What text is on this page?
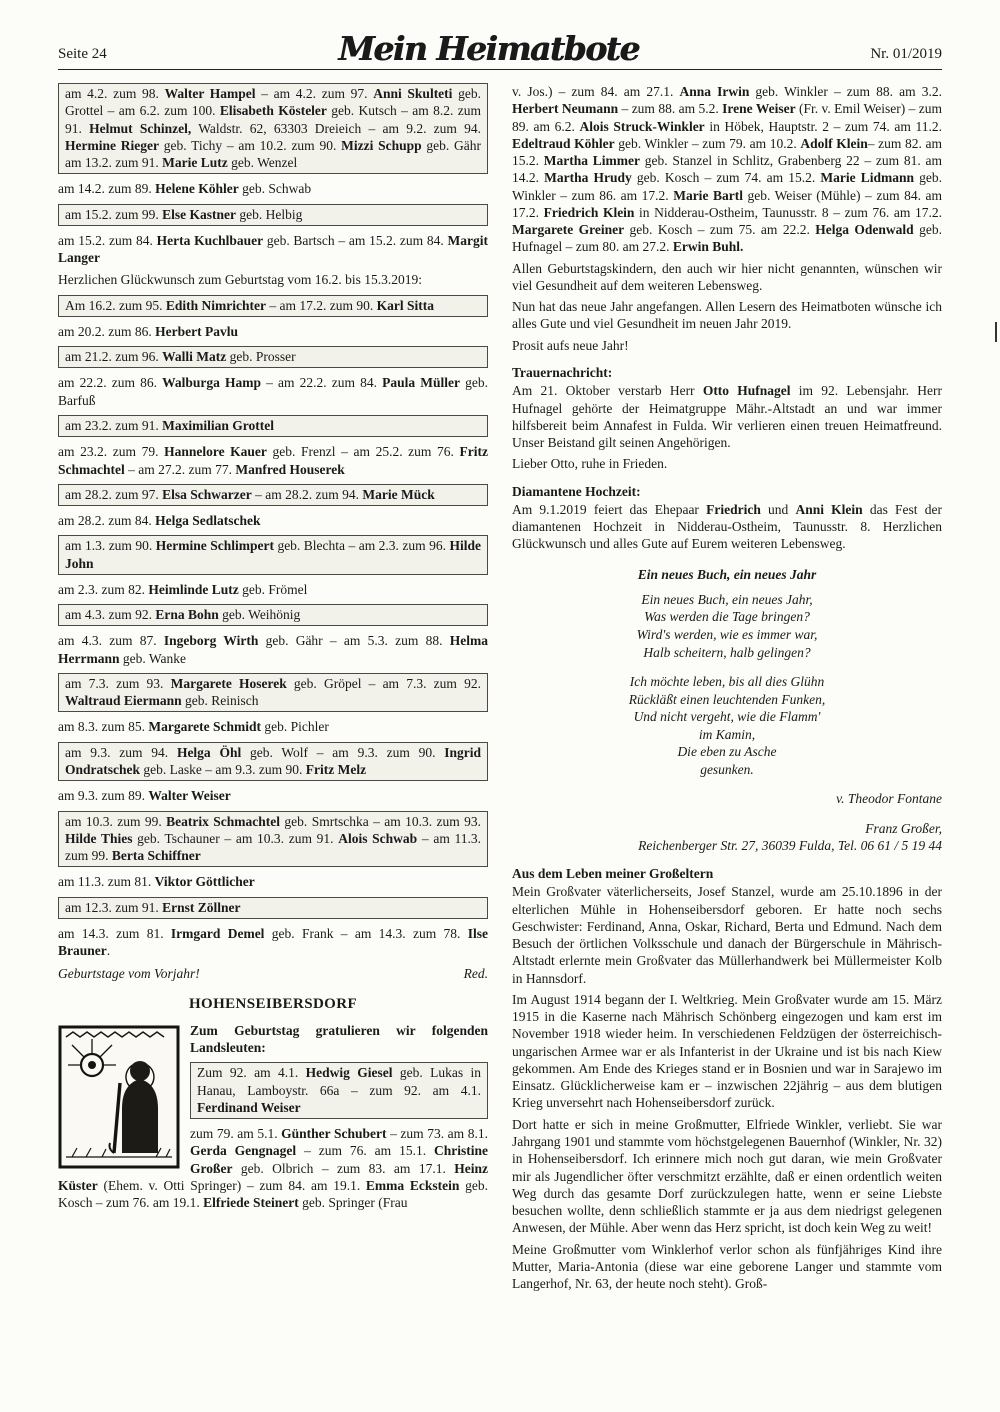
Seite 24	Mein Heimatbote	Nr. 01/2019
am 4.2. zum 98. Walter Hampel – am 4.2. zum 97. Anni Skulteti geb. Grottel – am 6.2. zum 100. Elisabeth Kösteler geb. Kutsch – am 8.2. zum 91. Helmut Schinzel, Waldstr. 62, 63303 Dreieich – am 9.2. zum 94. Hermine Rieger geb. Tichy – am 10.2. zum 90. Mizzi Schupp geb. Gähr am 13.2. zum 91. Marie Lutz geb. Wenzel
am 14.2. zum 89. Helene Köhler geb. Schwab
am 15.2. zum 99. Else Kastner geb. Helbig
am 15.2. zum 84. Herta Kuchlbauer geb. Bartsch – am 15.2. zum 84. Margit Langer
Herzlichen Glückwunsch zum Geburtstag vom 16.2. bis 15.3.2019:
Am 16.2. zum 95. Edith Nimrichter – am 17.2. zum 90. Karl Sitta
am 20.2. zum 86. Herbert Pavlu
am 21.2. zum 96. Walli Matz geb. Prosser
am 22.2. zum 86. Walburga Hamp – am 22.2. zum 84. Paula Müller geb. Barfuß
am 23.2. zum 91. Maximilian Grottel
am 23.2. zum 79. Hannelore Kauer geb. Frenzl – am 25.2. zum 76. Fritz Schmachtel – am 27.2. zum 77. Manfred Houserek
am 28.2. zum 97. Elsa Schwarzer – am 28.2. zum 94. Marie Mück
am 28.2. zum 84. Helga Sedlatschek
am 1.3. zum 90. Hermine Schlimpert geb. Blechta – am 2.3. zum 96. Hilde John
am 2.3. zum 82. Heimlinde Lutz geb. Frömel
am 4.3. zum 92. Erna Bohn geb. Weihönig
am 4.3. zum 87. Ingeborg Wirth geb. Gähr – am 5.3. zum 88. Helma Herrmann geb. Wanke
am 7.3. zum 93. Margarete Hoserek geb. Gröpel – am 7.3. zum 92. Waltraud Eiermann geb. Reinisch
am 8.3. zum 85. Margarete Schmidt geb. Pichler
am 9.3. zum 94. Helga Öhl geb. Wolf – am 9.3. zum 90. Ingrid Ondratschek geb. Laske – am 9.3. zum 90. Fritz Melz
am 9.3. zum 89. Walter Weiser
am 10.3. zum 99. Beatrix Schmachtel geb. Smrtschka – am 10.3. zum 93. Hilde Thies geb. Tschauner – am 10.3. zum 91. Alois Schwab – am 11.3. zum 99. Berta Schiffner
am 11.3. zum 81. Viktor Göttlicher
am 12.3. zum 91. Ernst Zöllner
am 14.3. zum 81. Irmgard Demel geb. Frank – am 14.3. zum 78. Ilse Brauner.
Geburtstage vom Vorjahr!	Red.
HOHENSEIBERSDORF
Zum Geburtstag gratulieren wir folgenden Landsleuten:
Zum 92. am 4.1. Hedwig Giesel geb. Lukas in Hanau, Lamboystr. 66a – zum 92. am 4.1. Ferdinand Weiser
zum 79. am 5.1. Günther Schubert – zum 73. am 8.1. Gerda Gengnagel – zum 76. am 15.1. Christine Großer geb. Olbrich – zum 83. am 17.1. Heinz Küster (Ehem. v. Otti Springer) – zum 84. am 19.1. Emma Eckstein geb. Kosch – zum 76. am 19.1. Elfriede Steinert geb. Springer (Frau
v. Jos.) – zum 84. am 27.1. Anna Irwin geb. Winkler – zum 88. am 3.2. Herbert Neumann – zum 88. am 5.2. Irene Weiser (Fr. v. Emil Weiser) – zum 89. am 6.2. Alois Struck-Winkler in Höbek, Hauptstr. 2 – zum 74. am 11.2. Edeltraud Köhler geb. Winkler – zum 79. am 10.2. Adolf Klein– zum 82. am 15.2. Martha Limmer geb. Stanzel in Schlitz, Grabenberg 22 – zum 81. am 14.2. Martha Hrudy geb. Kosch – zum 74. am 15.2. Marie Lidmann geb. Winkler – zum 86. am 17.2. Marie Bartl geb. Weiser (Mühle) – zum 84. am 17.2. Friedrich Klein in Nidderau-Ostheim, Taunusstr. 8 – zum 76. am 17.2. Margarete Greiner geb. Kosch – zum 75. am 22.2. Helga Odenwald geb. Hufnagel – zum 80. am 27.2. Erwin Buhl.
Allen Geburtstagskindern, den auch wir hier nicht genannten, wünschen wir viel Gesundheit auf dem weiteren Lebensweg.
Nun hat das neue Jahr angefangen. Allen Lesern des Heimatboten wünsche ich alles Gute und viel Gesundheit im neuen Jahr 2019.
Prosit aufs neue Jahr!
Trauernachricht:
Am 21. Oktober verstarb Herr Otto Hufnagel im 92. Lebensjahr. Herr Hufnagel gehörte der Heimatgruppe Mähr.-Altstadt an und war immer hilfsbereit beim Annafest in Fulda. Wir verlieren einen treuen Heimatfreund. Unser Beistand gilt seinen Angehörigen.
Lieber Otto, ruhe in Frieden.
Diamantene Hochzeit:
Am 9.1.2019 feiert das Ehepaar Friedrich und Anni Klein das Fest der diamantenen Hochzeit in Nidderau-Ostheim, Taunusstr. 8. Herzlichen Glückwunsch und alles Gute auf Eurem weiteren Lebensweg.
Ein neues Buch, ein neues Jahr
Ein neues Buch, ein neues Jahr,
Was werden die Tage bringen?
Wird's werden, wie es immer war,
Halb scheitern, halb gelingen?
Ich möchte leben, bis all dies Glühn
Rückläßt einen leuchtenden Funken,
Und nicht vergeht, wie die Flamm'
im Kamin,
Die eben zu Asche
gesunken.
v. Theodor Fontane
Franz Großer,
Reichenberger Str. 27, 36039 Fulda, Tel. 06 61 / 5 19 44
Aus dem Leben meiner Großeltern
Mein Großvater väterlicherseits, Josef Stanzel, wurde am 25.10.1896 in der elterlichen Mühle in Hohenseibersdorf geboren. Er hatte noch sechs Geschwister: Ferdinand, Anna, Oskar, Richard, Berta und Edmund. Nach dem Besuch der örtlichen Volksschule und danach der Bürgerschule in Mährisch-Altstadt erlernte mein Großvater das Müllerhandwerk bei Müllermeister Kolb in Hannsdorf.
Im August 1914 begann der I. Weltkrieg. Mein Großvater wurde am 15. März 1915 in die Kaserne nach Mährisch Schönberg eingezogen und kam erst im November 1918 wieder heim. In verschiedenen Feldzügen der österreichisch-ungarischen Armee war er als Infanterist in der Ukraine und ist bis nach Kiew gekommen. Am Ende des Krieges stand er in Bosnien und war in Sarajewo im Einsatz. Glücklicherweise kam er – inzwischen 22jährig – aus dem blutigen Krieg unversehrt nach Hohenseibersdorf zurück.
Dort hatte er sich in meine Großmutter, Elfriede Winkler, verliebt. Sie war Jahrgang 1901 und stammte vom höchstgelegenen Bauernhof (Winkler, Nr. 32) in Hohenseibersdorf. Ich erinnere mich noch gut daran, wie mein Großvater mir als Jugendlicher öfter verschmitzt erzählte, daß er einen ordentlich weiten Weg durch das gesamte Dorf zurückzulegen hatte, wenn er seine Liebste besuchen wollte, denn schließlich stammte er ja aus dem niedrigst gelegenen Anwesen, der Mühle. Aber wenn das Herz spricht, ist doch kein Weg zu weit!
Meine Großmutter vom Winklerhof verlor schon als fünfjähriges Kind ihre Mutter, Maria-Antonia (diese war eine geborene Langer und stammte vom Langerhof, Nr. 63, der heute noch steht). Groß-
